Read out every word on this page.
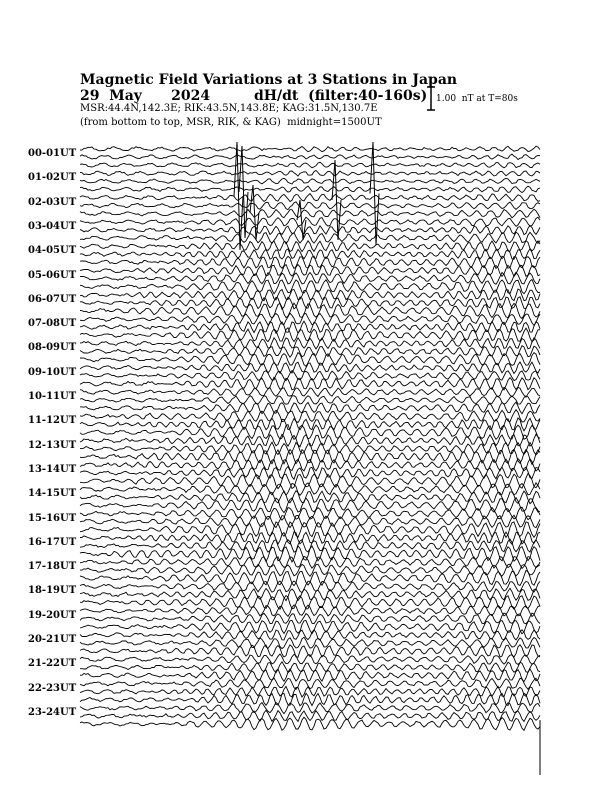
Magnetic Field Variations at 3 Stations in Japan
29  May      2024         dH/dt  (filter:40-160s)
MSR:44.4N,142.3E; RIK:43.5N,143.8E; KAG:31.5N,130.7E
(from bottom to top, MSR, RIK, & KAG)  midnight=1500UT
1.00  nT at T=80s
00-01UT
01-02UT
02-03UT
03-04UT
04-05UT
05-06UT
06-07UT
07-08UT
08-09UT
09-10UT
10-11UT
11-12UT
12-13UT
13-14UT
14-15UT
15-16UT
16-17UT
17-18UT
18-19UT
19-20UT
20-21UT
21-22UT
22-23UT
23-24UT
